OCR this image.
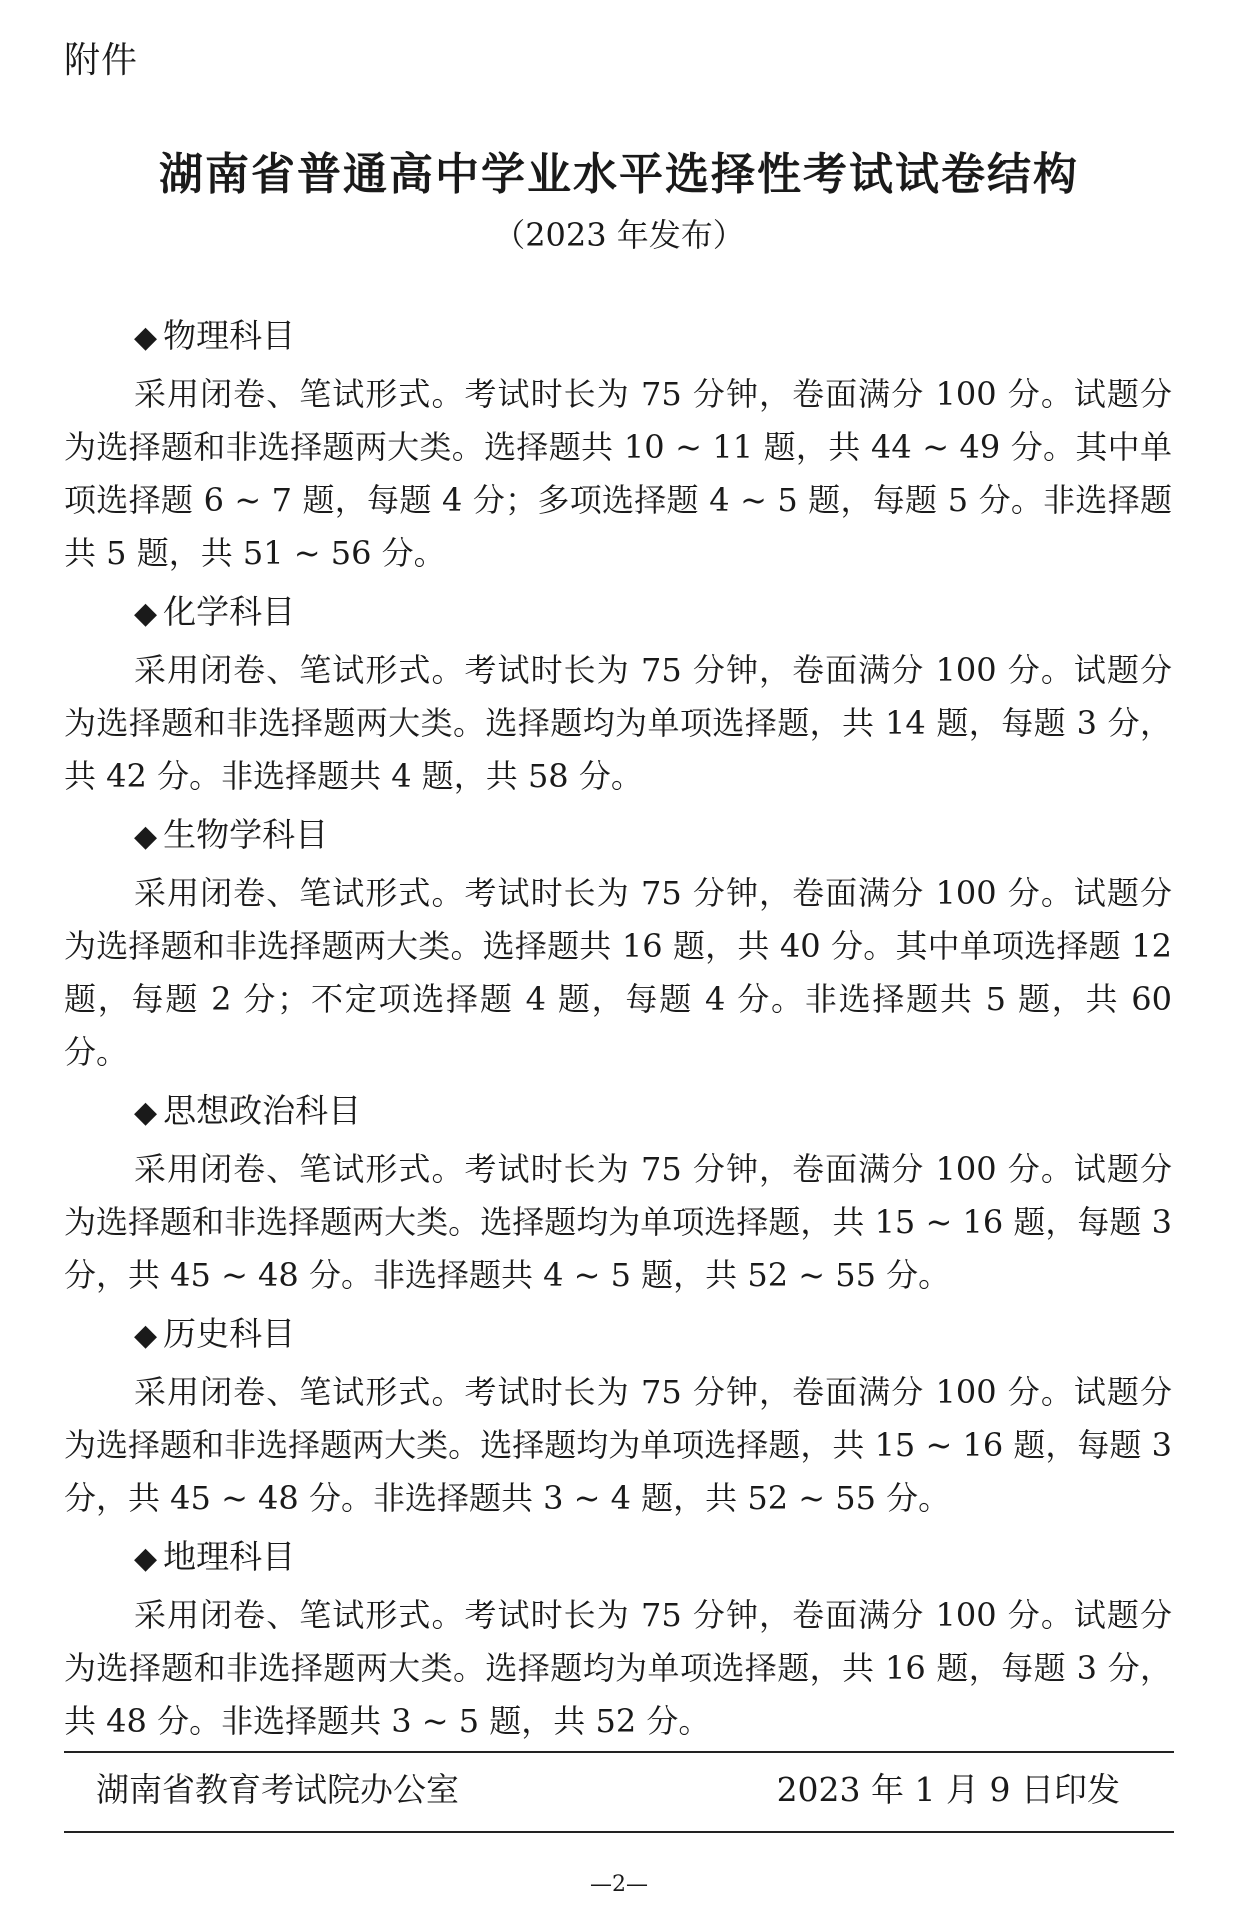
附件
湖南省普通高中学业水平选择性考试试卷结构
（2023 年发布）
◆ 物理科目

采用闭卷、笔试形式。考试时长为 75 分钟，卷面满分 100 分。试题分为选择题和非选择题两大类。选择题共 10 ~ 11 题，共 44 ~ 49 分。其中单项选择题 6 ~ 7 题，每题 4 分；多项选择题 4 ~ 5 题，每题 5 分。非选择题共 5 题，共 51 ~ 56 分。

◆ 化学科目

采用闭卷、笔试形式。考试时长为 75 分钟，卷面满分 100 分。试题分为选择题和非选择题两大类。选择题均为单项选择题，共 14 题，每题 3 分，共 42 分。非选择题共 4 题，共 58 分。

◆ 生物学科目

采用闭卷、笔试形式。考试时长为 75 分钟，卷面满分 100 分。试题分为选择题和非选择题两大类。选择题共 16 题，共 40 分。其中单项选择题 12 题，每题 2 分；不定项选择题 4 题，每题 4 分。非选择题共 5 题，共 60 分。

◆ 思想政治科目

采用闭卷、笔试形式。考试时长为 75 分钟，卷面满分 100 分。试题分为选择题和非选择题两大类。选择题均为单项选择题，共 15 ~ 16 题，每题 3 分，共 45 ~ 48 分。非选择题共 4 ~ 5 题，共 52 ~ 55 分。

◆ 历史科目

采用闭卷、笔试形式。考试时长为 75 分钟，卷面满分 100 分。试题分为选择题和非选择题两大类。选择题均为单项选择题，共 15 ~ 16 题，每题 3 分，共 45 ~ 48 分。非选择题共 3 ~ 4 题，共 52 ~ 55 分。

◆ 地理科目

采用闭卷、笔试形式。考试时长为 75 分钟，卷面满分 100 分。试题分为选择题和非选择题两大类。选择题均为单项选择题，共 16 题，每题 3 分，共 48 分。非选择题共 3 ~ 5 题，共 52 分。

湖南省教育考试院办公室	2023 年 1 月 9 日印发
—2—
